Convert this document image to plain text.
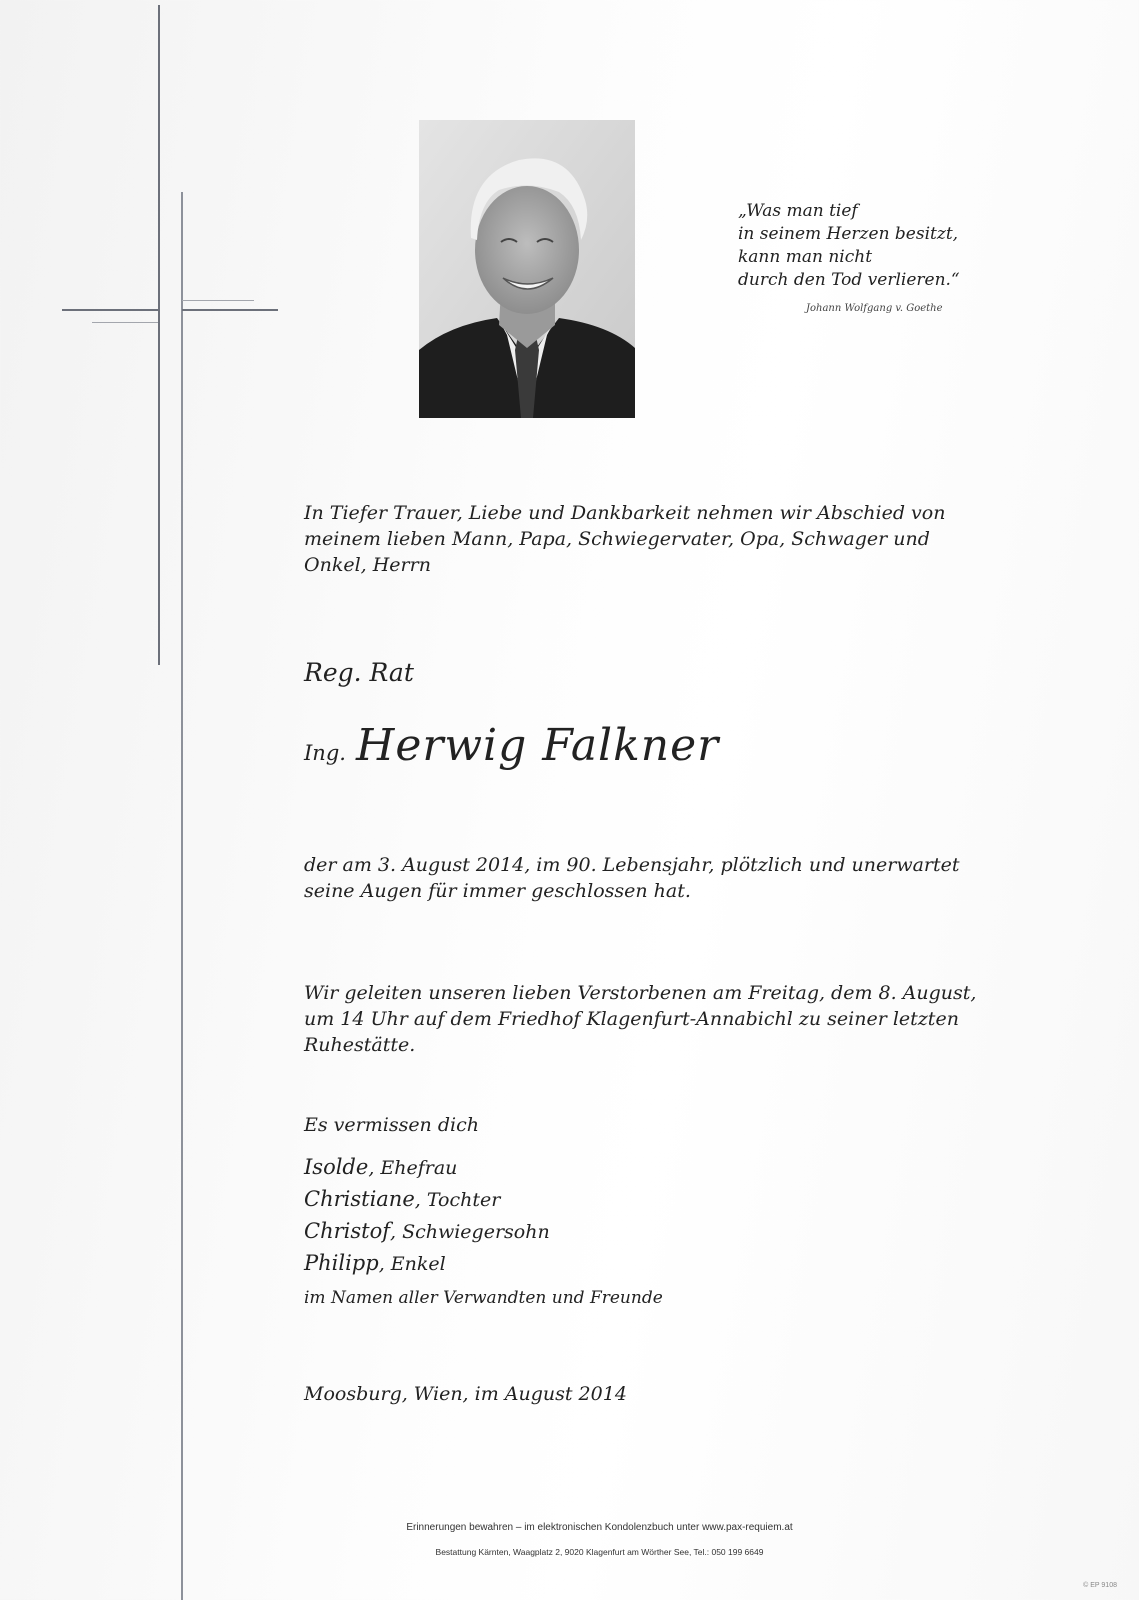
„Was man tief
in seinem Herzen besitzt,
kann man nicht
durch den Tod verlieren.“
Johann Wolfgang v. Goethe
In Tiefer Trauer, Liebe und Dankbarkeit nehmen wir Abschied von meinem lieben Mann, Papa, Schwiegervater, Opa, Schwager und Onkel, Herrn
Reg. Rat
Ing. Herwig Falkner
der am 3. August 2014, im 90. Lebensjahr, plötzlich und unerwartet seine Augen für immer geschlossen hat.
Wir geleiten unseren lieben Verstorbenen am Freitag, dem 8. August, um 14 Uhr auf dem Friedhof Klagenfurt-Annabichl zu seiner letzten Ruhestätte.
Es vermissen dich
Isolde, Ehefrau
Christiane, Tochter
Christof, Schwiegersohn
Philipp, Enkel
im Namen aller Verwandten und Freunde
Moosburg, Wien, im August 2014
Erinnerungen bewahren – im elektronischen Kondolenzbuch unter www.pax-requiem.at
Bestattung Kärnten, Waagplatz 2, 9020 Klagenfurt am Wörther See, Tel.: 050 199 6649
© EP 9108
